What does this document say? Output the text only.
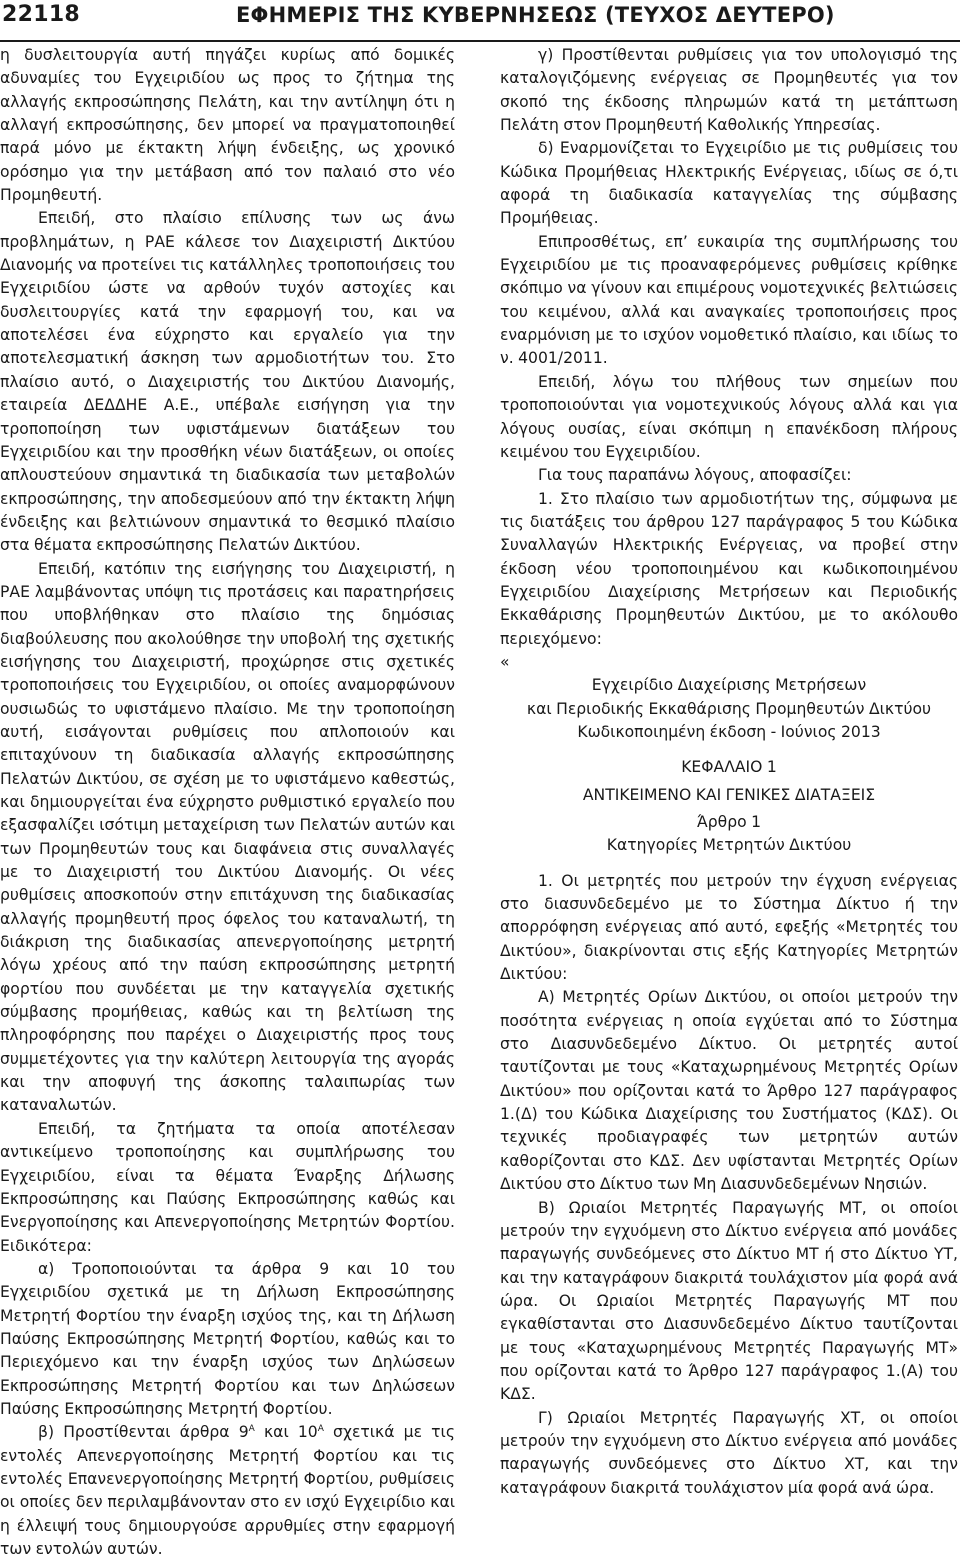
22118	ΕΦΗΜΕΡΙΣ ΤΗΣ ΚΥΒΕΡΝΗΣΕΩΣ (ΤΕΥΧΟΣ ΔΕΥΤΕΡΟ)

η δυσλειτουργία αυτή πηγάζει κυρίως από δομικές αδυναμίες του Εγχειριδίου ως προς το ζήτημα της αλλαγής εκπροσώπησης Πελάτη, και την αντίληψη ότι η αλλαγή εκπροσώπησης, δεν μπορεί να πραγματοποιηθεί παρά μόνο με έκτακτη λήψη ένδειξης, ως χρονικό ορόσημο για την μετάβαση από τον παλαιό στο νέο Προμηθευτή.

Επειδή, στο πλαίσιο επίλυσης των ως άνω προβλημάτων, η ΡΑΕ κάλεσε τον Διαχειριστή Δικτύου Διανομής να προτείνει τις κατάλληλες τροποποιήσεις του Εγχειριδίου ώστε να αρθούν τυχόν αστοχίες και δυσλειτουργίες κατά την εφαρμογή του, και να αποτελέσει ένα εύχρηστο και εργαλείο για την αποτελεσματική άσκηση των αρμοδιοτήτων του. Στο πλαίσιο αυτό, ο Διαχειριστής του Δικτύου Διανομής, εταιρεία ΔΕΔΔΗΕ Α.Ε., υπέβαλε εισήγηση για την τροποποίηση των υφιστάμενων διατάξεων του Εγχειριδίου και την προσθήκη νέων διατάξεων, οι οποίες απλουστεύουν σημαντικά τη διαδικασία των μεταβολών εκπροσώπησης, την αποδεσμεύουν από την έκτακτη λήψη ένδειξης και βελτιώνουν σημαντικά το θεσμικό πλαίσιο στα θέματα εκπροσώπησης Πελατών Δικτύου.

Επειδή, κατόπιν της εισήγησης του Διαχειριστή, η ΡΑΕ λαμβάνοντας υπόψη τις προτάσεις και παρατηρήσεις που υποβλήθηκαν στο πλαίσιο της δημόσιας διαβούλευσης που ακολούθησε την υποβολή της σχετικής εισήγησης του Διαχειριστή, προχώρησε στις σχετικές τροποποιήσεις του Εγχειριδίου, οι οποίες αναμορφώνουν ουσιωδώς το υφιστάμενο πλαίσιο. Με την τροποποίηση αυτή, εισάγονται ρυθμίσεις που απλοποιούν και επιταχύνουν τη διαδικασία αλλαγής εκπροσώπησης Πελατών Δικτύου, σε σχέση με το υφιστάμενο καθεστώς, και δημιουργείται ένα εύχρηστο ρυθμιστικό εργαλείο που εξασφαλίζει ισότιμη μεταχείριση των Πελατών αυτών και των Προμηθευτών τους και διαφάνεια στις συναλλαγές με το Διαχειριστή του Δικτύου Διανομής. Οι νέες ρυθμίσεις αποσκοπούν στην επιτάχυνση της διαδικασίας αλλαγής προμηθευτή προς όφελος του καταναλωτή, τη διάκριση της διαδικασίας απενεργοποίησης μετρητή λόγω χρέους από την παύση εκπροσώπησης μετρητή φορτίου που συνδέεται με την καταγγελία σχετικής σύμβασης προμήθειας, καθώς και τη βελτίωση της πληροφόρησης που παρέχει ο Διαχειριστής προς τους συμμετέχοντες για την καλύτερη λειτουργία της αγοράς και την αποφυγή της άσκοπης ταλαιπωρίας των καταναλωτών.

Επειδή, τα ζητήματα τα οποία αποτέλεσαν αντικείμενο τροποποίησης και συμπλήρωσης του Εγχειριδίου, είναι τα θέματα Έναρξης Δήλωσης Εκπροσώπησης και Παύσης Εκπροσώπησης καθώς και Ενεργοποίησης και Απενεργοποίησης Μετρητών Φορτίου. Ειδικότερα:

α) Τροποποιούνται τα άρθρα 9 και 10 του Εγχειριδίου σχετικά με τη Δήλωση Εκπροσώπησης Μετρητή Φορτίου την έναρξη ισχύος της, και τη Δήλωση Παύσης Εκπροσώπησης Μετρητή Φορτίου, καθώς και το Περιεχόμενο και την έναρξη ισχύος των Δηλώσεων Εκπροσώπησης Μετρητή Φορτίου και των Δηλώσεων Παύσης Εκπροσώπησης Μετρητή Φορτίου.

β) Προστίθενται άρθρα $9^A$ και $10^A$ σχετικά με τις εντολές Απενεργοποίησης Μετρητή Φορτίου και τις εντολές Επανενεργοποίησης Μετρητή Φορτίου, ρυθμίσεις οι οποίες δεν περιλαμβάνονταν στο εν ισχύ Εγχειρίδιο και η έλλειψή τους δημιουργούσε αρρυθμίες στην εφαρμογή των εντολών αυτών.

γ) Προστίθενται ρυθμίσεις για τον υπολογισμό της καταλογιζόμενης ενέργειας σε Προμηθευτές για τον σκοπό της έκδοσης πληρωμών κατά τη μετάπτωση Πελάτη στον Προμηθευτή Καθολικής Υπηρεσίας.

δ) Εναρμονίζεται το Εγχειρίδιο με τις ρυθμίσεις του Κώδικα Προμήθειας Ηλεκτρικής Ενέργειας, ιδίως σε ό,τι αφορά τη διαδικασία καταγγελίας της σύμβασης Προμήθειας.

Επιπροσθέτως, επ’ ευκαιρία της συμπλήρωσης του Εγχειριδίου με τις προαναφερόμενες ρυθμίσεις κρίθηκε σκόπιμο να γίνουν και επιμέρους νομοτεχνικές βελτιώσεις του κειμένου, αλλά και αναγκαίες τροποποιήσεις προς εναρμόνιση με το ισχύον νομοθετικό πλαίσιο, και ιδίως το ν. 4001/2011.

Επειδή, λόγω του πλήθους των σημείων που τροποποιούνται για νομοτεχνικούς λόγους αλλά και για λόγους ουσίας, είναι σκόπιμη η επανέκδοση πλήρους κειμένου του Εγχειριδίου.

Για τους παραπάνω λόγους, αποφασίζει:

1. Στο πλαίσιο των αρμοδιοτήτων της, σύμφωνα με τις διατάξεις του άρθρου 127 παράγραφος 5 του Κώδικα Συναλλαγών Ηλεκτρικής Ενέργειας, να προβεί στην έκδοση νέου τροποποιημένου και κωδικοποιημένου Εγχειριδίου Διαχείρισης Μετρήσεων και Περιοδικής Εκκαθάρισης Προμηθευτών Δικτύου, με το ακόλουθο περιεχόμενο:

«

Εγχειρίδιο Διαχείρισης Μετρήσεων

και Περιοδικής Εκκαθάρισης Προμηθευτών Δικτύου

Κωδικοποιημένη έκδοση - Ιούνιος 2013

ΚΕΦΑΛΑΙΟ 1

ΑΝΤΙΚΕΙΜΕΝΟ ΚΑΙ ΓΕΝΙΚΕΣ ΔΙΑΤΑΞΕΙΣ

Άρθρο 1

Κατηγορίες Μετρητών Δικτύου

1. Οι μετρητές που μετρούν την έγχυση ενέργειας στο διασυνδεδεμένο με το Σύστημα Δίκτυο ή την απορρόφηση ενέργειας από αυτό, εφεξής «Μετρητές του Δικτύου», διακρίνονται στις εξής Κατηγορίες Μετρητών Δικτύου:

Α) Μετρητές Ορίων Δικτύου, οι οποίοι μετρούν την ποσότητα ενέργειας η οποία εγχύεται από το Σύστημα στο Διασυνδεδεμένο Δίκτυο. Οι μετρητές αυτοί ταυτίζονται με τους «Καταχωρημένους Μετρητές Ορίων Δικτύου» που ορίζονται κατά το Άρθρο 127 παράγραφος 1.(Δ) του Κώδικα Διαχείρισης του Συστήματος (ΚΔΣ). Οι τεχνικές προδιαγραφές των μετρητών αυτών καθορίζονται στο ΚΔΣ. Δεν υφίστανται Μετρητές Ορίων Δικτύου στο Δίκτυο των Μη Διασυνδεδεμένων Νησιών.

Β) Ωριαίοι Μετρητές Παραγωγής ΜΤ, οι οποίοι μετρούν την εγχυόμενη στο Δίκτυο ενέργεια από μονάδες παραγωγής συνδεόμενες στο Δίκτυο ΜΤ ή στο Δίκτυο ΥΤ, και την καταγράφουν διακριτά τουλάχιστον μία φορά ανά ώρα. Οι Ωριαίοι Μετρητές Παραγωγής ΜΤ που εγκαθίστανται στο Διασυνδεδεμένο Δίκτυο ταυτίζονται με τους «Καταχωρημένους Μετρητές Παραγωγής ΜΤ» που ορίζονται κατά το Άρθρο 127 παράγραφος 1.(Α) του ΚΔΣ.

Γ) Ωριαίοι Μετρητές Παραγωγής ΧΤ, οι οποίοι μετρούν την εγχυόμενη στο Δίκτυο ενέργεια από μονάδες παραγωγής συνδεόμενες στο Δίκτυο ΧΤ, και την καταγράφουν διακριτά τουλάχιστον μία φορά ανά ώρα.
